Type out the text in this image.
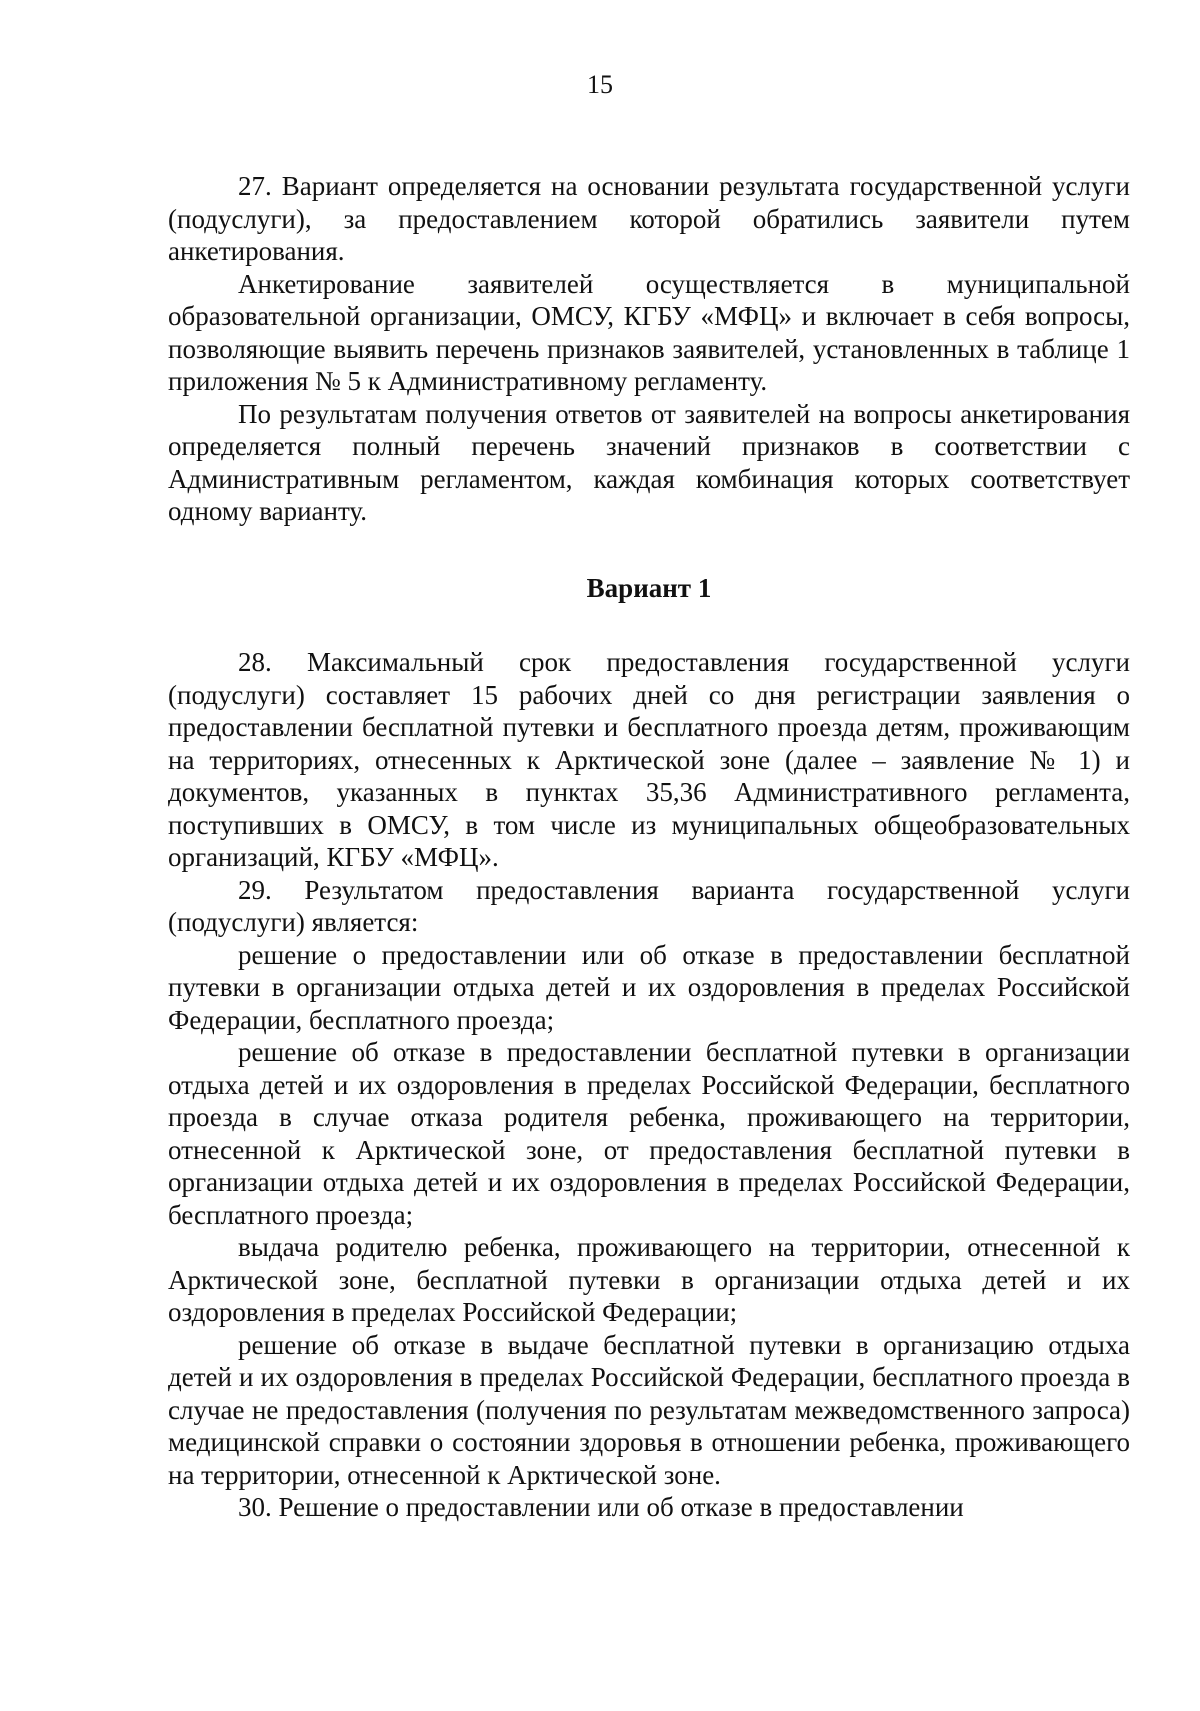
15

27. Вариант определяется на основании результата государственной услуги (подуслуги), за предоставлением которой обратились заявители путем анкетирования.

Анкетирование заявителей осуществляется в муниципальной образовательной организации, ОМСУ, КГБУ «МФЦ» и включает в себя вопросы, позволяющие выявить перечень признаков заявителей, установленных в таблице 1 приложения № 5 к Административному регламенту.

По результатам получения ответов от заявителей на вопросы анкетирования определяется полный перечень значений признаков в соответствии с Административным регламентом, каждая комбинация которых соответствует одному варианту.

Вариант 1

28. Максимальный срок предоставления государственной услуги (подуслуги) составляет 15 рабочих дней со дня регистрации заявления о предоставлении бесплатной путевки и бесплатного проезда детям, проживающим на территориях, отнесенных к Арктической зоне (далее – заявление № 1) и документов, указанных в пунктах 35,36 Административного регламента, поступивших в ОМСУ, в том числе из муниципальных общеобразовательных организаций, КГБУ «МФЦ».

29. Результатом предоставления варианта государственной услуги (подуслуги) является:

решение о предоставлении или об отказе в предоставлении бесплатной путевки в организации отдыха детей и их оздоровления в пределах Российской Федерации, бесплатного проезда;

решение об отказе в предоставлении бесплатной путевки в организации отдыха детей и их оздоровления в пределах Российской Федерации, бесплатного проезда в случае отказа родителя ребенка, проживающего на территории, отнесенной к Арктической зоне, от предоставления бесплатной путевки в организации отдыха детей и их оздоровления в пределах Российской Федерации, бесплатного проезда;

выдача родителю ребенка, проживающего на территории, отнесенной к Арктической зоне, бесплатной путевки в организации отдыха детей и их оздоровления в пределах Российской Федерации;

решение об отказе в выдаче бесплатной путевки в организацию отдыха детей и их оздоровления в пределах Российской Федерации, бесплатного проезда в случае не предоставления (получения по результатам межведомственного запроса) медицинской справки о состоянии здоровья в отношении ребенка, проживающего на территории, отнесенной к Арктической зоне.

30. Решение о предоставлении или об отказе в предоставлении
